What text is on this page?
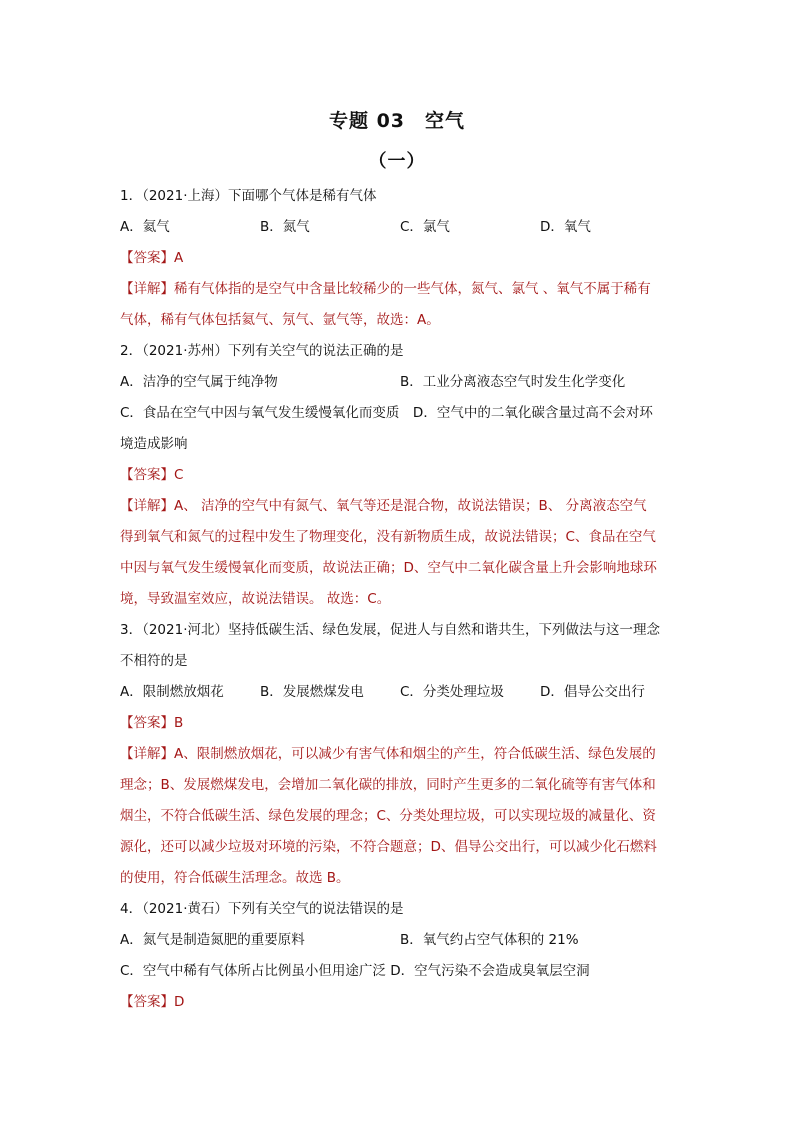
专题 03　空气
（一）
1．（2021·上海）下面哪个气体是稀有气体
A．氦气	B．氮气	C．氯气	D．氧气
【答案】A
【详解】稀有气体指的是空气中含量比较稀少的一些气体，氮气、氯气 、氧气不属于稀有
气体，稀有气体包括氦气、氖气、氩气等，故选：A。
2．（2021·苏州）下列有关空气的说法正确的是
A．洁净的空气属于纯净物	B．工业分离液态空气时发生化学变化
C．食品在空气中因与氧气发生缓慢氧化而变质　D．空气中的二氧化碳含量过高不会对环
境造成影响
【答案】C
【详解】A、 洁净的空气中有氮气、氧气等还是混合物，故说法错误；B、 分离液态空气
得到氧气和氮气的过程中发生了物理变化，没有新物质生成，故说法错误；C、食品在空气
中因与氧气发生缓慢氧化而变质，故说法正确；D、空气中二氧化碳含量上升会影响地球环
境，导致温室效应，故说法错误。 故选：C。
3．（2021·河北）坚持低碳生活、绿色发展，促进人与自然和谐共生，下列做法与这一理念
不相符的是
A．限制燃放烟花	B．发展燃煤发电	C．分类处理垃圾	D．倡导公交出行
【答案】B
【详解】A、限制燃放烟花，可以减少有害气体和烟尘的产生，符合低碳生活、绿色发展的
理念；B、发展燃煤发电，会增加二氧化碳的排放，同时产生更多的二氧化硫等有害气体和
烟尘，不符合低碳生活、绿色发展的理念；C、分类处理垃圾，可以实现垃圾的减量化、资
源化，还可以减少垃圾对环境的污染，不符合题意；D、倡导公交出行，可以减少化石燃料
的使用，符合低碳生活理念。故选 B。
4．（2021·黄石）下列有关空气的说法错误的是
A．氮气是制造氮肥的重要原料	B．氧气约占空气体积的 21%
C．空气中稀有气体所占比例虽小但用途广泛 D．空气污染不会造成臭氧层空洞
【答案】D
